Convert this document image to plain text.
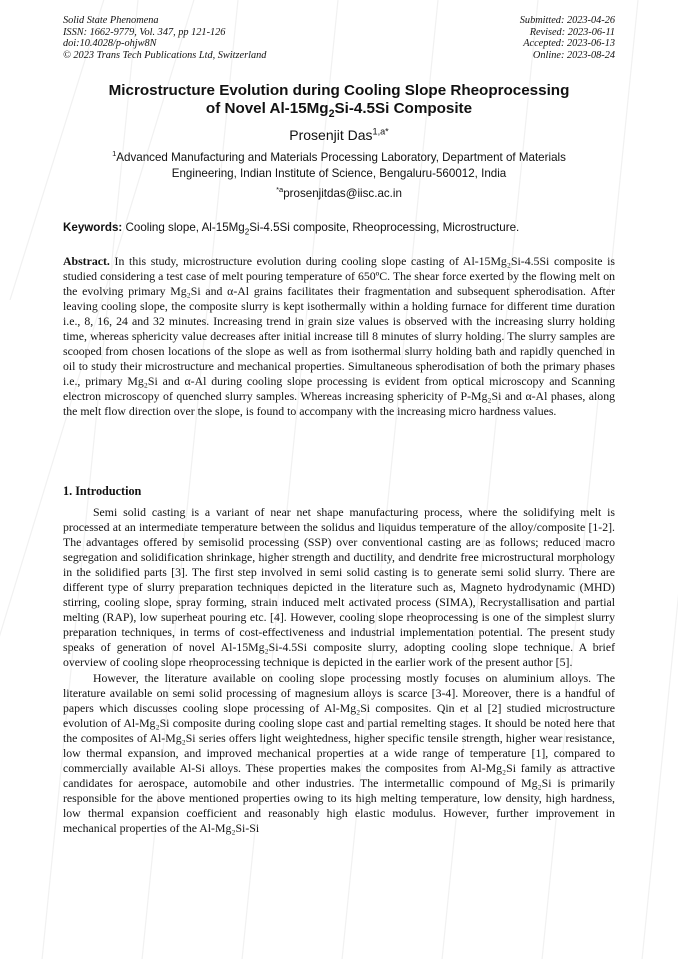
Solid State Phenomena
ISSN: 1662-9779, Vol. 347, pp 121-126
doi:10.4028/p-ohjw8N
© 2023 Trans Tech Publications Ltd, Switzerland
Submitted: 2023-04-26
Revised: 2023-06-11
Accepted: 2023-06-13
Online: 2023-08-24
Microstructure Evolution during Cooling Slope Rheoprocessing
of Novel $Al-15Mg_2Si-4.5Si$ Composite
Prosenjit Das$^{1,a*}$
$^1$Advanced Manufacturing and Materials Processing Laboratory, Department of Materials
Engineering, Indian Institute of Science, Bengaluru-560012, India
$^{*a}$prosenjitdas@iisc.ac.in
Keywords: Cooling slope, $Al-15Mg_2Si-4.5Si$ composite, Rheoprocessing, Microstructure.
Abstract. In this study, microstructure evolution during cooling slope casting of Al-15Mg₂Si-4.5Si composite is studied considering a test case of melt pouring temperature of 650ºC. The shear force exerted by the flowing melt on the evolving primary Mg₂Si and α-Al grains facilitates their fragmentation and subsequent spherodisation. After leaving cooling slope, the composite slurry is kept isothermally within a holding furnace for different time duration i.e., 8, 16, 24 and 32 minutes. Increasing trend in grain size values is observed with the increasing slurry holding time, whereas sphericity value decreases after initial increase till 8 minutes of slurry holding. The slurry samples are scooped from chosen locations of the slope as well as from isothermal slurry holding bath and rapidly quenched in oil to study their microstructure and mechanical properties. Simultaneous spherodisation of both the primary phases i.e., primary Mg₂Si and α-Al during cooling slope processing is evident from optical microscopy and Scanning electron microscopy of quenched slurry samples. Whereas increasing sphericity of P-Mg₂Si and α-Al phases, along the melt flow direction over the slope, is found to accompany with the increasing micro hardness values.
1. Introduction

Semi solid casting is a variant of near net shape manufacturing process, where the solidifying melt is processed at an intermediate temperature between the solidus and liquidus temperature of the alloy/composite [1-2]. The advantages offered by semisolid processing (SSP) over conventional casting are as follows; reduced macro segregation and solidification shrinkage, higher strength and ductility, and dendrite free microstructural morphology in the solidified parts [3]. The first step involved in semi solid casting is to generate semi solid slurry. There are different type of slurry preparation techniques depicted in the literature such as, Magneto hydrodynamic (MHD) stirring, cooling slope, spray forming, strain induced melt activated process (SIMA), Recrystallisation and partial melting (RAP), low superheat pouring etc. [4]. However, cooling slope rheoprocessing is one of the simplest slurry preparation techniques, in terms of cost-effectiveness and industrial implementation potential. The present study speaks of generation of novel Al-15Mg₂Si-4.5Si composite slurry, adopting cooling slope technique. A brief overview of cooling slope rheoprocessing technique is depicted in the earlier work of the present author [5].

However, the literature available on cooling slope processing mostly focuses on aluminium alloys. The literature available on semi solid processing of magnesium alloys is scarce [3-4]. Moreover, there is a handful of papers which discusses cooling slope processing of Al-Mg₂Si composites. Qin et al [2] studied microstructure evolution of Al-Mg₂Si composite during cooling slope cast and partial remelting stages. It should be noted here that the composites of Al-Mg₂Si series offers light weightedness, higher specific tensile strength, higher wear resistance, low thermal expansion, and improved mechanical properties at a wide range of temperature [1], compared to commercially available Al-Si alloys. These properties makes the composites from Al-Mg₂Si family as attractive candidates for aerospace, automobile and other industries. The intermetallic compound of Mg₂Si is primarily responsible for the above mentioned properties owing to its high melting temperature, low density, high hardness, low thermal expansion coefficient and reasonably high elastic modulus. However, further improvement in mechanical properties of the Al-Mg₂Si-Si
